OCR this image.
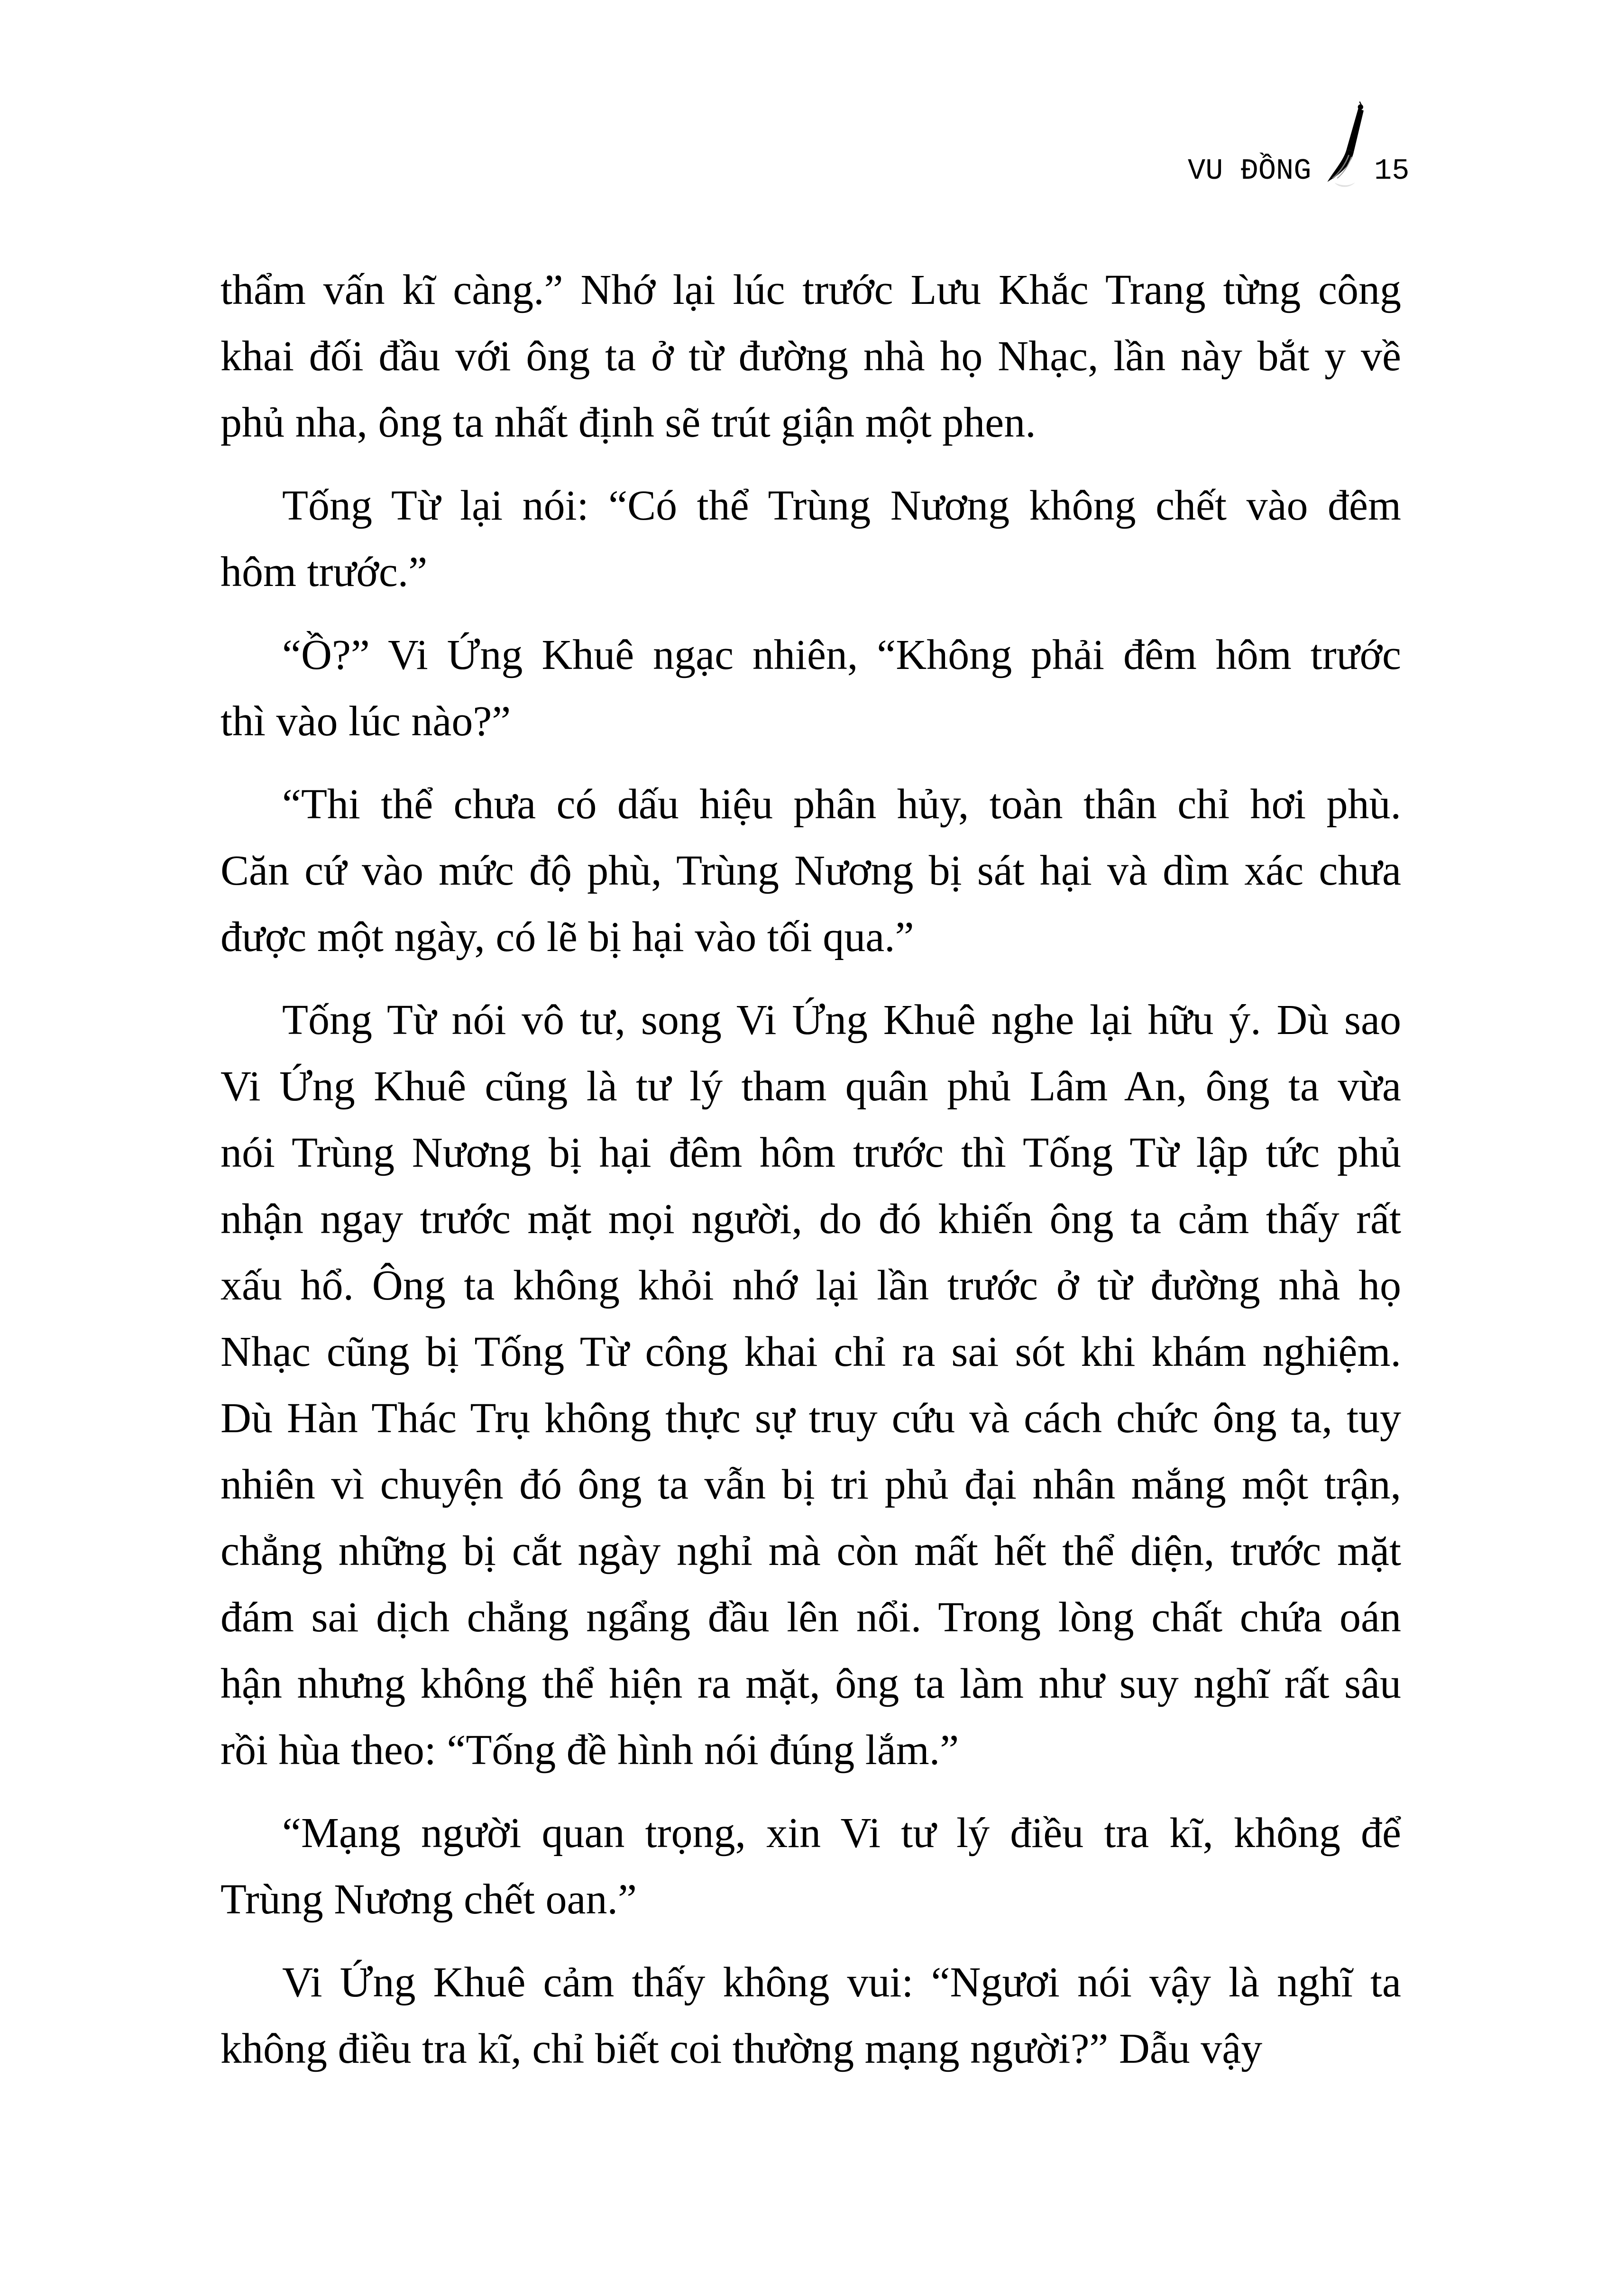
VU ĐỒNG 15

thẩm vấn kĩ càng.” Nhớ lại lúc trước Lưu Khắc Trang từng công
khai đối đầu với ông ta ở từ đường nhà họ Nhạc, lần này bắt y về
phủ nha, ông ta nhất định sẽ trút giận một phen.

Tống Từ lại nói: “Có thể Trùng Nương không chết vào đêm
hôm trước.”

“Ồ?” Vi Ứng Khuê ngạc nhiên, “Không phải đêm hôm trước
thì vào lúc nào?”

“Thi thể chưa có dấu hiệu phân hủy, toàn thân chỉ hơi phù.
Căn cứ vào mức độ phù, Trùng Nương bị sát hại và dìm xác chưa
được một ngày, có lẽ bị hại vào tối qua.”

Tống Từ nói vô tư, song Vi Ứng Khuê nghe lại hữu ý. Dù sao
Vi Ứng Khuê cũng là tư lý tham quân phủ Lâm An, ông ta vừa
nói Trùng Nương bị hại đêm hôm trước thì Tống Từ lập tức phủ
nhận ngay trước mặt mọi người, do đó khiến ông ta cảm thấy rất
xấu hổ. Ông ta không khỏi nhớ lại lần trước ở từ đường nhà họ
Nhạc cũng bị Tống Từ công khai chỉ ra sai sót khi khám nghiệm.
Dù Hàn Thác Trụ không thực sự truy cứu và cách chức ông ta, tuy
nhiên vì chuyện đó ông ta vẫn bị tri phủ đại nhân mắng một trận,
chẳng những bị cắt ngày nghỉ mà còn mất hết thể diện, trước mặt
đám sai dịch chẳng ngẩng đầu lên nổi. Trong lòng chất chứa oán
hận nhưng không thể hiện ra mặt, ông ta làm như suy nghĩ rất sâu
rồi hùa theo: “Tống đề hình nói đúng lắm.”

“Mạng người quan trọng, xin Vi tư lý điều tra kĩ, không để
Trùng Nương chết oan.”

Vi Ứng Khuê cảm thấy không vui: “Ngươi nói vậy là nghĩ ta
không điều tra kĩ, chỉ biết coi thường mạng người?” Dẫu vậy
